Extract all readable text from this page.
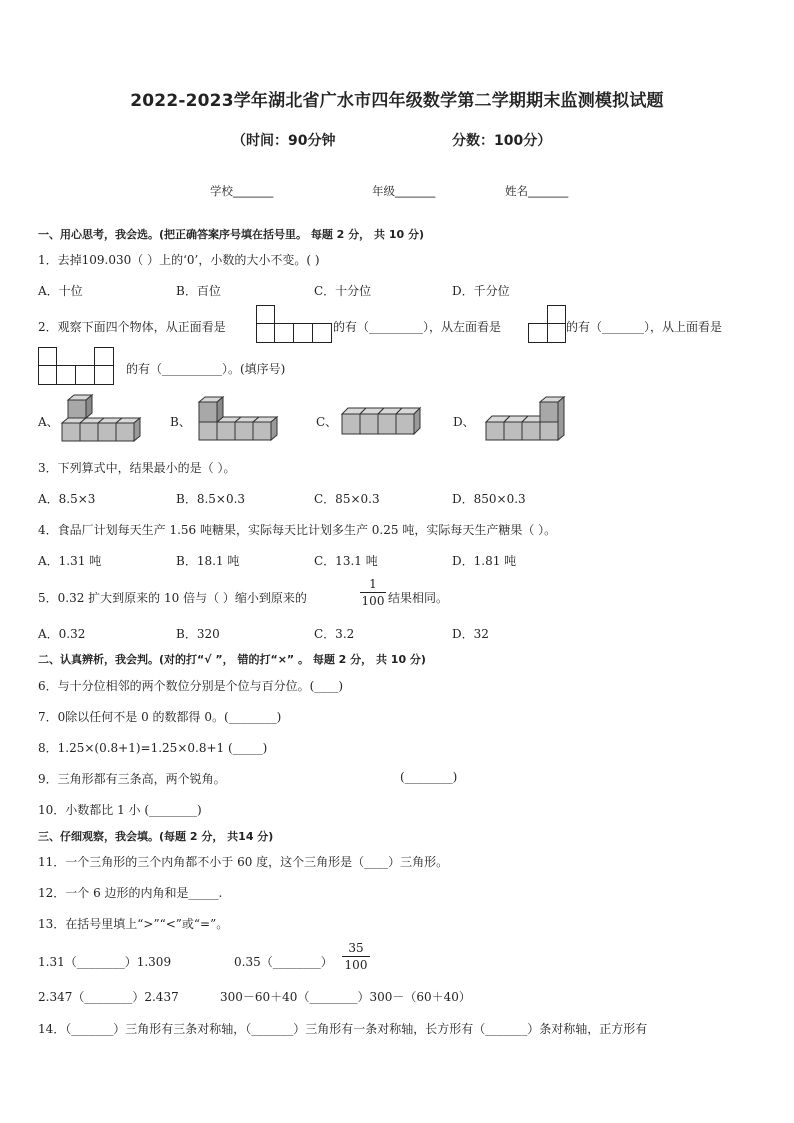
2022-2023学年湖北省广水市四年级数学第二学期期末监测模拟试题
（时间：90分钟	分数：100分）
学校_______	年级_______	姓名_______
一、用心思考，我会选。(把正确答案序号填在括号里。 每题 2 分， 共 10 分)
1．去掉109.030（ ）上的‘0’，小数的大小不变。( )
A．十位	B．百位	C．十分位	D．千分位
2．观察下面四个物体，从正面看是	的有（_________），从左面看是	的有（_______），从上面看是
的有（__________）。(填序号)
A、	B、	C、	D、
3．下列算式中，结果最小的是（ ）。
A．8.5×3	B．8.5×0.3	C．85×0.3	D．850×0.3
4．食品厂计划每天生产 1.56 吨糖果，实际每天比计划多生产 0.25 吨，实际每天生产糖果（ ）。
A．1.31 吨	B．18.1 吨	C．13.1 吨	D．1.81 吨
5．0.32 扩大到原来的 10 倍与（ ）缩小到原来的	$\frac{1}{100}$ 结果相同。
A．0.32	B．320	C．3.2	D．32
二、认真辨析，我会判。(对的打“√ ”， 错的打“×” 。 每题 2 分， 共 10 分)
6．与十分位相邻的两个数位分别是个位与百分位。(____)
7．0除以任何不是 0 的数都得 0。(________)
8．1.25×(0.8+1)=1.25×0.8+1 (_____)
9．三角形都有三条高，两个锐角。	(________)
10．小数都比 1 小 (________)
三、仔细观察，我会填。(每题 2 分， 共14 分)
11．一个三角形的三个内角都不小于 60 度，这个三角形是（____）三角形。
12．一个 6 边形的内角和是_____.
13．在括号里填上“>”“<”或“=”。
1.31（________）1.309	0.35（________） $\frac{35}{100}$
2.347（________）2.437	300－60＋40（________）300－（60＋40）
14．（_______）三角形有三条对称轴，（_______）三角形有一条对称轴，长方形有（_______）条对称轴，正方形有
